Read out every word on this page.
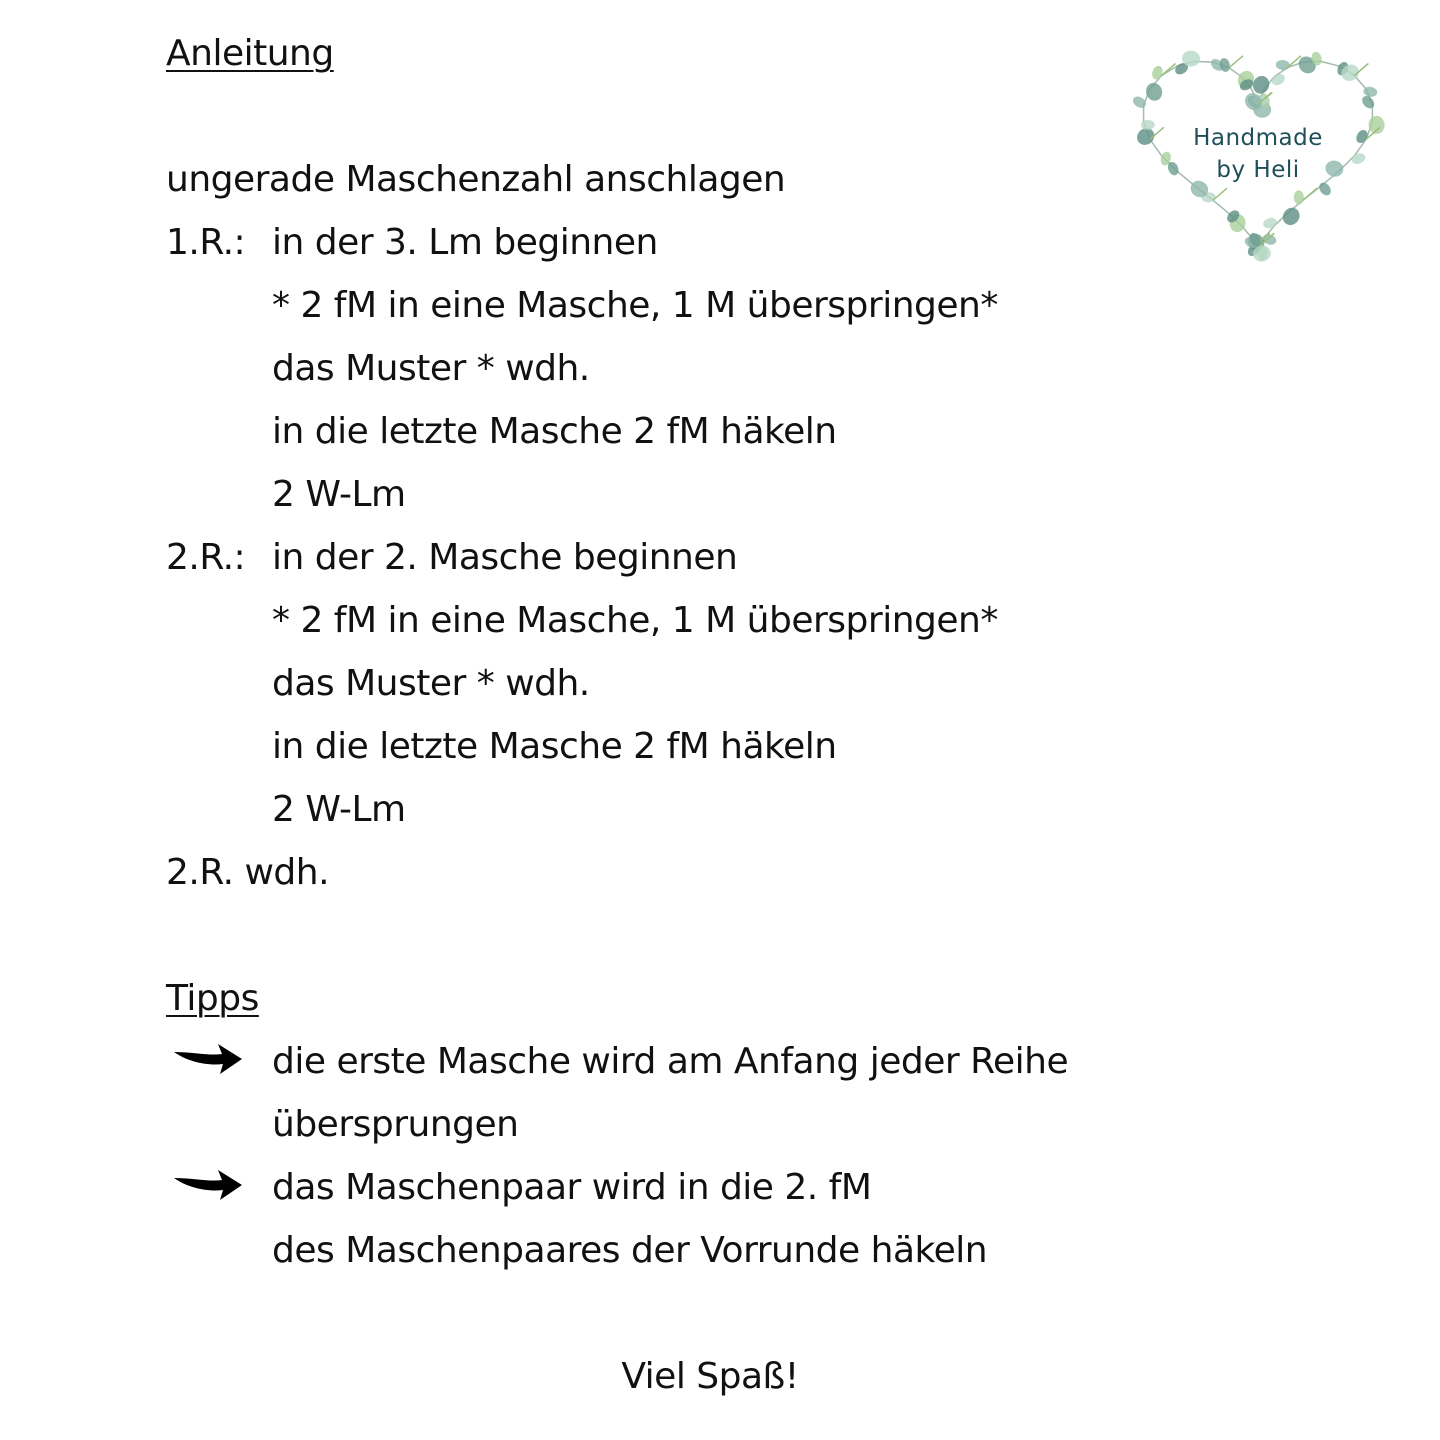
Anleitung
ungerade Maschenzahl anschlagen
1.R.: in der 3. Lm beginnen
* 2 fM in eine Masche, 1 M überspringen*
das Muster * wdh.
in die letzte Masche 2 fM häkeln
2 W-Lm
2.R.: in der 2. Masche beginnen
* 2 fM in eine Masche, 1 M überspringen*
das Muster * wdh.
in die letzte Masche 2 fM häkeln
2 W-Lm
2.R. wdh.
Tipps
die erste Masche wird am Anfang jeder Reihe
übersprungen
das Maschenpaar wird in die 2. fM
des Maschenpaares der Vorrunde häkeln
Viel Spaß!
Handmade
by Heli
